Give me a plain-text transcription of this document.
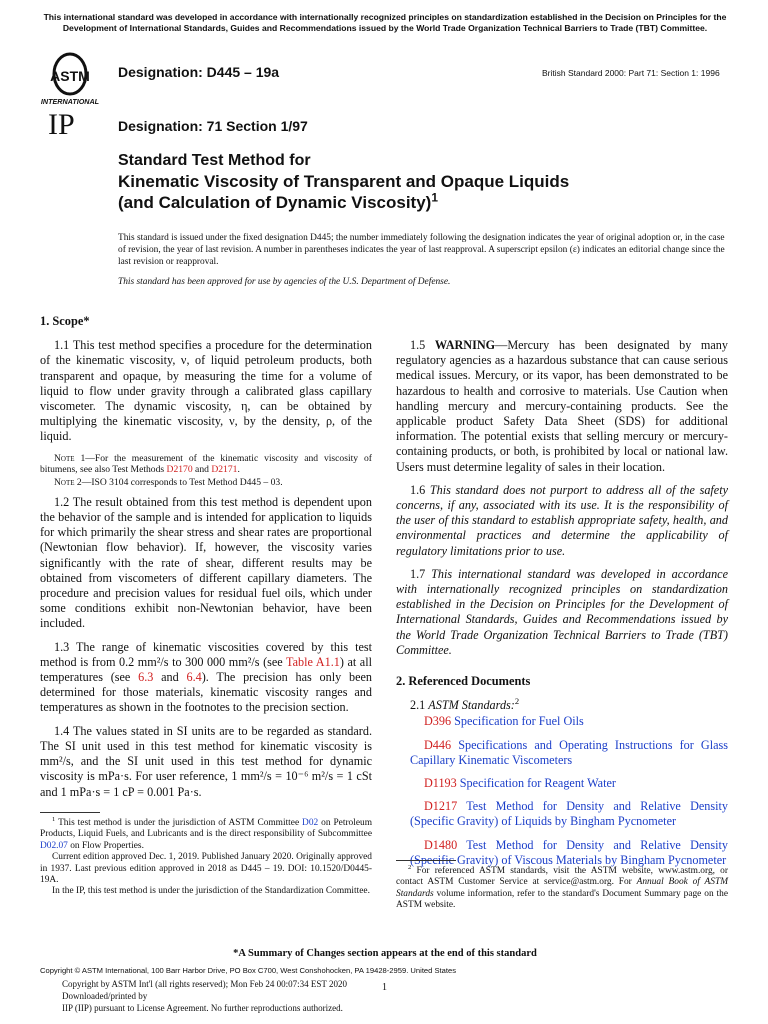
This international standard was developed in accordance with internationally recognized principles on standardization established in the Decision on Principles for the Development of International Standards, Guides and Recommendations issued by the World Trade Organization Technical Barriers to Trade (TBT) Committee.
ASTM
INTERNATIONAL
Designation: D445 – 19a	British Standard 2000: Part 71: Section 1: 1996
IP	Designation: 71 Section 1/97
Standard Test Method for
Kinematic Viscosity of Transparent and Opaque Liquids
(and Calculation of Dynamic Viscosity)$^1$

This standard is issued under the fixed designation D445; the number immediately following the designation indicates the year of original adoption or, in the case of revision, the year of last revision. A number in parentheses indicates the year of last reapproval. A superscript epsilon (ε) indicates an editorial change since the last revision or reapproval.

This standard has been approved for use by agencies of the U.S. Department of Defense.

1. Scope*

1.1 This test method specifies a procedure for the determination of the kinematic viscosity, ν, of liquid petroleum products, both transparent and opaque, by measuring the time for a volume of liquid to flow under gravity through a calibrated glass capillary viscometer. The dynamic viscosity, η, can be obtained by multiplying the kinematic viscosity, ν, by the density, ρ, of the liquid.

Note 1—For the measurement of the kinematic viscosity and viscosity of bitumens, see also Test Methods D2170 and D2171.

Note 2—ISO 3104 corresponds to Test Method D445 – 03.

1.2 The result obtained from this test method is dependent upon the behavior of the sample and is intended for application to liquids for which primarily the shear stress and shear rates are proportional (Newtonian flow behavior). If, however, the viscosity varies significantly with the rate of shear, different results may be obtained from viscometers of different capillary diameters. The procedure and precision values for residual fuel oils, which under some conditions exhibit non-Newtonian behavior, have been included.

1.3 The range of kinematic viscosities covered by this test method is from 0.2 mm²/s to 300 000 mm²/s (see Table A1.1) at all temperatures (see 6.3 and 6.4). The precision has only been determined for those materials, kinematic viscosity ranges and temperatures as shown in the footnotes to the precision section.

1.4 The values stated in SI units are to be regarded as standard. The SI unit used in this test method for kinematic viscosity is mm²/s, and the SI unit used in this test method for dynamic viscosity is mPa·s. For user reference, 1 mm²/s = 10⁻⁶ m²/s = 1 cSt and 1 mPa·s = 1 cP = 0.001 Pa·s.

$^1$ This test method is under the jurisdiction of ASTM Committee D02 on Petroleum Products, Liquid Fuels, and Lubricants and is the direct responsibility of Subcommittee D02.07 on Flow Properties.

Current edition approved Dec. 1, 2019. Published January 2020. Originally approved in 1937. Last previous edition approved in 2018 as D445 – 19. DOI: 10.1520/D0445-19A.

In the IP, this test method is under the jurisdiction of the Standardization Committee.

1.5 WARNING—Mercury has been designated by many regulatory agencies as a hazardous substance that can cause serious medical issues. Mercury, or its vapor, has been demonstrated to be hazardous to health and corrosive to materials. Use Caution when handling mercury and mercury-containing products. See the applicable product Safety Data Sheet (SDS) for additional information. The potential exists that selling mercury or mercury-containing products, or both, is prohibited by local or national law. Users must determine legality of sales in their location.

1.6 This standard does not purport to address all of the safety concerns, if any, associated with its use. It is the responsibility of the user of this standard to establish appropriate safety, health, and environmental practices and determine the applicability of regulatory limitations prior to use.

1.7 This international standard was developed in accordance with internationally recognized principles on standardization established in the Decision on Principles for the Development of International Standards, Guides and Recommendations issued by the World Trade Organization Technical Barriers to Trade (TBT) Committee.

2. Referenced Documents

2.1 ASTM Standards:$^2$

D396 Specification for Fuel Oils

D446 Specifications and Operating Instructions for Glass Capillary Kinematic Viscometers

D1193 Specification for Reagent Water

D1217 Test Method for Density and Relative Density (Specific Gravity) of Liquids by Bingham Pycnometer

D1480 Test Method for Density and Relative Density (Specific Gravity) of Viscous Materials by Bingham Pycnometer

$^2$ For referenced ASTM standards, visit the ASTM website, www.astm.org, or contact ASTM Customer Service at service@astm.org. For Annual Book of ASTM Standards volume information, refer to the standard's Document Summary page on the ASTM website.

*A Summary of Changes section appears at the end of this standard
Copyright © ASTM International, 100 Barr Harbor Drive, PO Box C700, West Conshohocken, PA 19428-2959. United States
Copyright by ASTM Int'l (all rights reserved); Mon Feb 24 00:07:34 EST 2020
Downloaded/printed by
IIP (IIP) pursuant to License Agreement. No further reproductions authorized.
1
